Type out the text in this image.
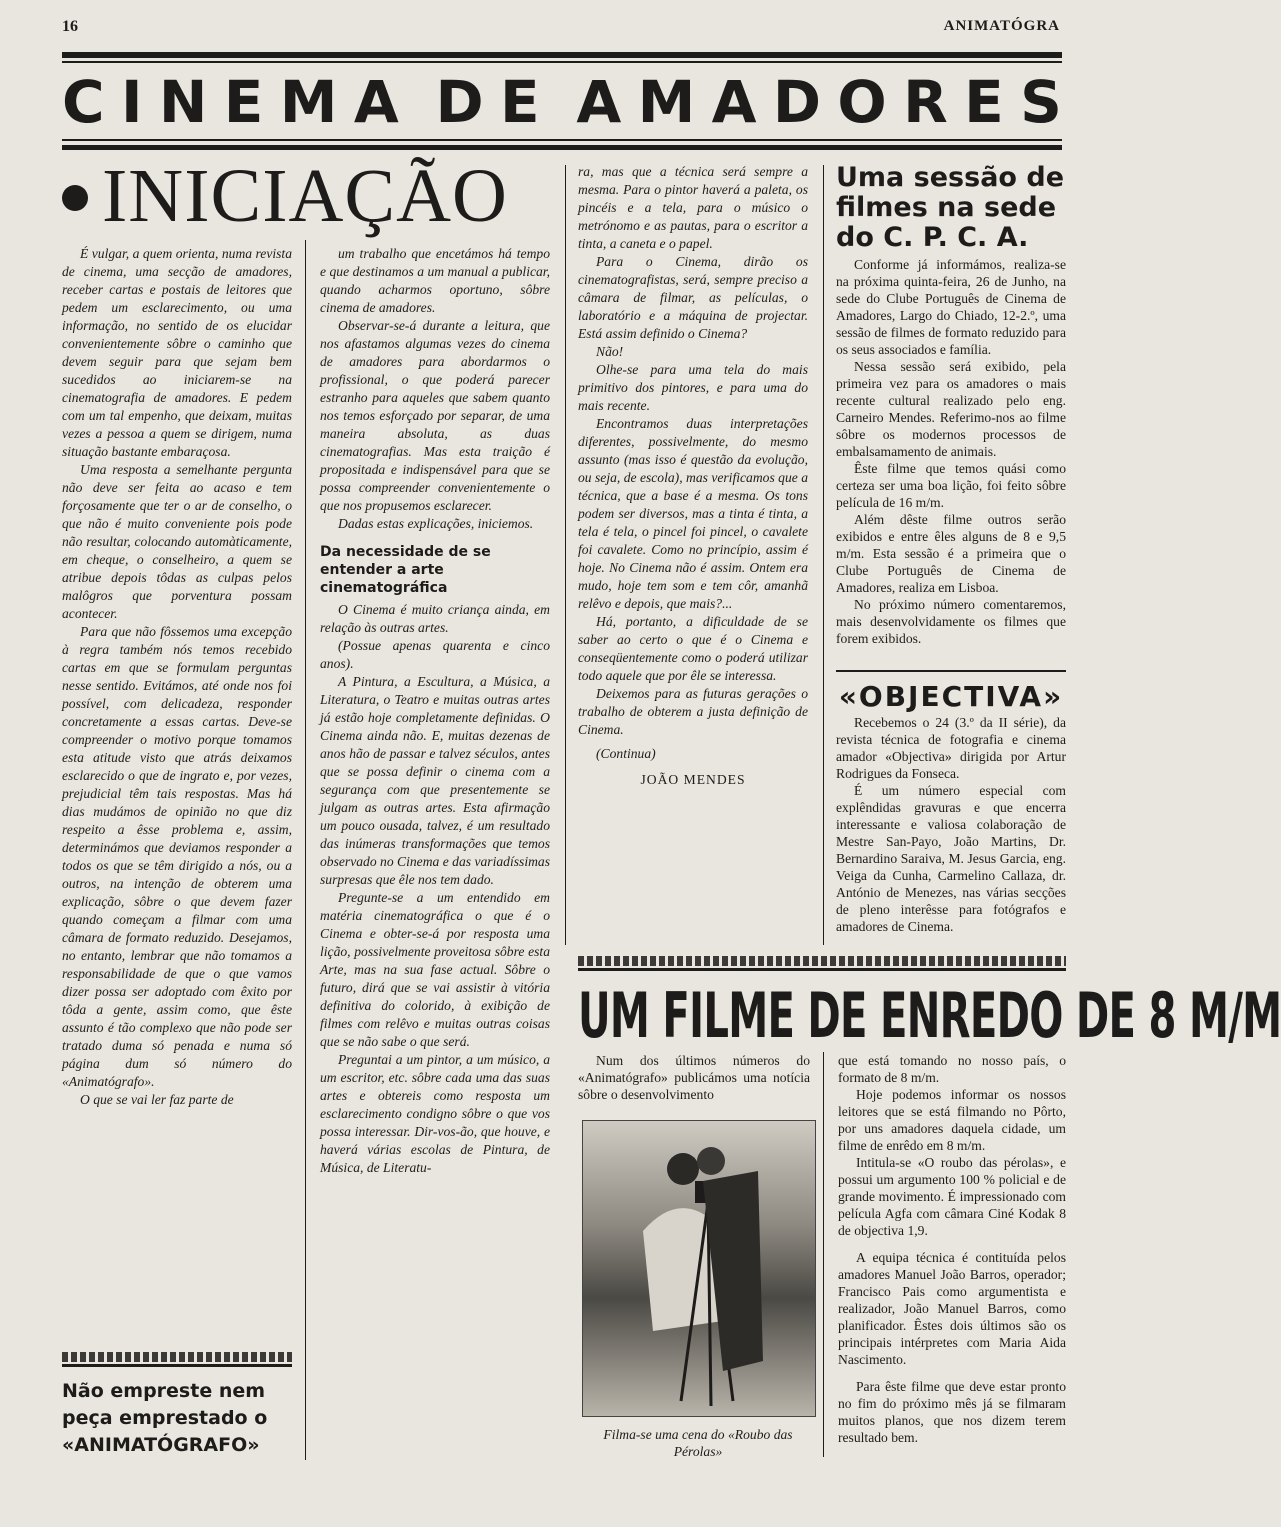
16	ANIMATÓGRA
C I N E M A D E A M A D O R E S
INICIAÇÃO

É vulgar, a quem orienta, numa revista de cinema, uma secção de amadores, receber cartas e postais de leitores que pedem um esclarecimento, ou uma informação, no sentido de os elucidar convenientemente sôbre o caminho que devem seguir para que sejam bem sucedidos ao iniciarem-se na cinematografia de amadores. E pedem com um tal empenho, que deixam, muitas vezes a pessoa a quem se dirigem, numa situação bastante embaraçosa.

Uma resposta a semelhante pergunta não deve ser feita ao acaso e tem forçosamente que ter o ar de conselho, o que não é muito conveniente pois pode não resultar, colocando automàticamente, em cheque, o conselheiro, a quem se atribue depois tôdas as culpas pelos malôgros que porventura possam acontecer.

Para que não fôssemos uma excepção à regra também nós temos recebido cartas em que se formulam perguntas nesse sentido. Evitámos, até onde nos foi possível, com delicadeza, responder concretamente a essas cartas. Deve-se compreender o motivo porque tomamos esta atitude visto que atrás deixamos esclarecido o que de ingrato e, por vezes, prejudicial têm tais respostas. Mas há dias mudámos de opinião no que diz respeito a êsse problema e, assim, determinámos que deviamos responder a todos os que se têm dirigido a nós, ou a outros, na intenção de obterem uma explicação, sôbre o que devem fazer quando começam a filmar com uma câmara de formato reduzido. Desejamos, no entanto, lembrar que não tomamos a responsabilidade de que o que vamos dizer possa ser adoptado com êxito por tôda a gente, assim como, que êste assunto é tão complexo que não pode ser tratado duma só penada e numa só página dum só número do «Animatógrafo».

O que se vai ler faz parte de

um trabalho que encetámos há tempo e que destinamos a um manual a publicar, quando acharmos oportuno, sôbre cinema de amadores.

Observar-se-á durante a leitura, que nos afastamos algumas vezes do cinema de amadores para abordarmos o profissional, o que poderá parecer estranho para aqueles que sabem quanto nos temos esforçado por separar, de uma maneira absoluta, as duas cinematografias. Mas esta traição é propositada e indispensável para que se possa compreender convenientemente o que nos propusemos esclarecer.

Dadas estas explicações, iniciemos.

Da necessidade de se entender a arte cinematográfica

O Cinema é muito criança ainda, em relação às outras artes.

(Possue apenas quarenta e cinco anos).

A Pintura, a Escultura, a Música, a Literatura, o Teatro e muitas outras artes já estão hoje completamente definidas. O Cinema ainda não. E, muitas dezenas de anos hão de passar e talvez séculos, antes que se possa definir o cinema com a segurança com que presentemente se julgam as outras artes. Esta afirmação um pouco ousada, talvez, é um resultado das inúmeras transformações que temos observado no Cinema e das variadíssimas surpresas que êle nos tem dado.

Pregunte-se a um entendido em matéria cinematográfica o que é o Cinema e obter-se-á por resposta uma lição, possivelmente proveitosa sôbre esta Arte, mas na sua fase actual. Sôbre o futuro, dirá que se vai assistir à vitória definitiva do colorido, à exibição de filmes com relêvo e muitas outras coisas que se não sabe o que será.

Preguntai a um pintor, a um músico, a um escritor, etc. sôbre cada uma das suas artes e obtereis como resposta um esclarecimento condigno sôbre o que vos possa interessar. Dir-vos-ão, que houve, e haverá várias escolas de Pintura, de Música, de Literatu-

ra, mas que a técnica será sempre a mesma. Para o pintor haverá a paleta, os pincéis e a tela, para o músico o metrónomo e as pautas, para o escritor a tinta, a caneta e o papel.

Para o Cinema, dirão os cinematografistas, será, sempre preciso a câmara de filmar, as películas, o laboratório e a máquina de projectar. Está assim definido o Cinema?

Não!

Olhe-se para uma tela do mais primitivo dos pintores, e para uma do mais recente.

Encontramos duas interpretações diferentes, possivelmente, do mesmo assunto (mas isso é questão da evolução, ou seja, de escola), mas verificamos que a técnica, que a base é a mesma. Os tons podem ser diversos, mas a tinta é tinta, a tela é tela, o pincel foi pincel, o cavalete foi cavalete. Como no princípio, assim é hoje. No Cinema não é assim. Ontem era mudo, hoje tem som e tem côr, amanhã relêvo e depois, que mais?...

Há, portanto, a dificuldade de se saber ao certo o que é o Cinema e conseqüentemente como o poderá utilizar todo aquele que por êle se interessa.

Deixemos para as futuras gerações o trabalho de obterem a justa definição de Cinema.

(Continua)

JOÃO MENDES

Uma sessão de
filmes na sede
do C. P. C. A.

Conforme já informámos, realiza-se na próxima quinta-feira, 26 de Junho, na sede do Clube Português de Cinema de Amadores, Largo do Chiado, 12-2.º, uma sessão de filmes de formato reduzido para os seus associados e família.

Nessa sessão será exibido, pela primeira vez para os amadores o mais recente cultural realizado pelo eng. Carneiro Mendes. Referimo-nos ao filme sôbre os modernos processos de embalsamamento de animais.

Êste filme que temos quási como certeza ser uma boa lição, foi feito sôbre película de 16 m/m.

Além dêste filme outros serão exibidos e entre êles alguns de 8 e 9,5 m/m. Esta sessão é a primeira que o Clube Português de Cinema de Amadores, realiza em Lisboa.

No próximo número comentaremos, mais desenvolvidamente os filmes que forem exibidos.

«OBJECTIVA»

Recebemos o 24 (3.º da II série), da revista técnica de fotografia e cinema amador «Objectiva» dirigida por Artur Rodrigues da Fonseca.

É um número especial com explêndidas gravuras e que encerra interessante e valiosa colaboração de Mestre San-Payo, João Martins, Dr. Bernardino Saraiva, M. Jesus Garcia, eng. Veiga da Cunha, Carmelino Callaza, dr. António de Menezes, nas várias secções de pleno interêsse para fotógrafos e amadores de Cinema.

UM FILME DE ENREDO DE 8 M/M

Num dos últimos números do «Animatógrafo» publicámos uma notícia sôbre o desenvolvimento

Filma-se uma cena do «Roubo das Pérolas»

que está tomando no nosso país, o formato de 8 m/m.

Hoje podemos informar os nossos leitores que se está filmando no Pôrto, por uns amadores daquela cidade, um filme de enrêdo em 8 m/m.

Intitula-se «O roubo das pérolas», e possui um argumento 100 % policial e de grande movimento. É impressionado com película Agfa com câmara Ciné Kodak 8 de objectiva 1,9.

A equipa técnica é contituída pelos amadores Manuel João Barros, operador; Francisco Pais como argumentista e realizador, João Manuel Barros, como planificador. Êstes dois últimos são os principais intérpretes com Maria Aida Nascimento.

Para êste filme que deve estar pronto no fim do próximo mês já se filmaram muitos planos, que nos dizem terem resultado bem.

Não empreste nem
peça emprestado o
«ANIMATÓGRAFO»
